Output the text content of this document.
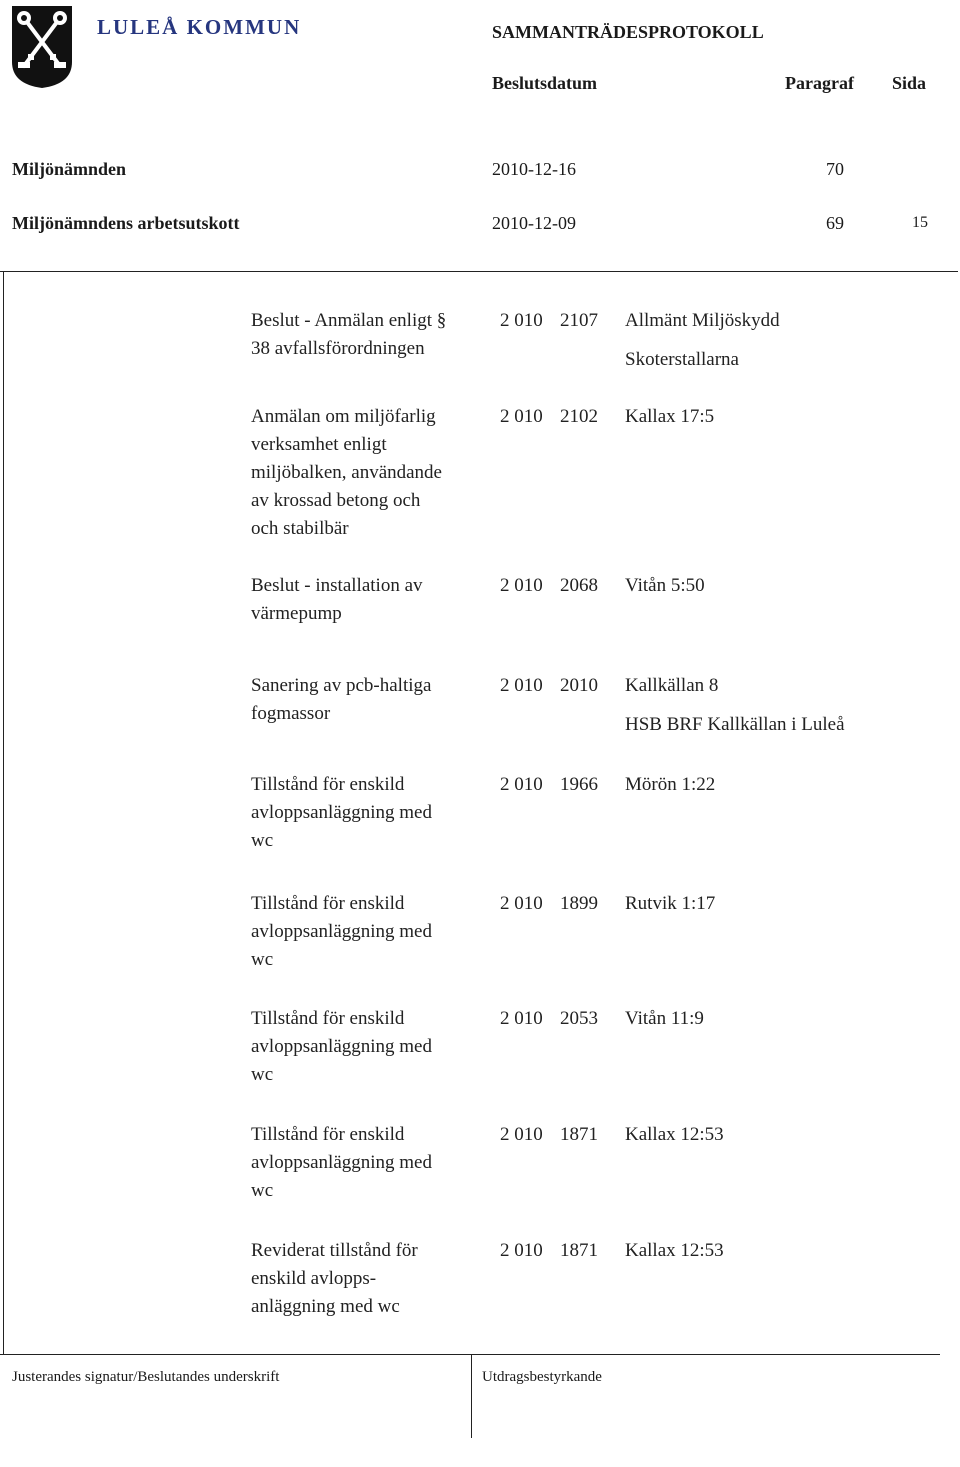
LULEÅ KOMMUN	SAMMANTRÄDESPROTOKOLL
Beslutsdatum	Paragraf Sida
Miljönämnden	2010-12-16	70
Miljönämndens arbetsutskott	2010-12-09	69	15
Beslut - Anmälan enligt §
38 avfallsförordningen
2 010 2107 Allmänt Miljöskydd
Skoterstallarna
Anmälan om miljöfarlig
verksamhet enligt
miljöbalken, användande
av krossad betong och
och stabilbär
2 010 2102 Kallax 17:5
Beslut - installation av
värmepump
2 010 2068 Vitån 5:50
Sanering av pcb-haltiga
fogmassor
2 010 2010 Kallkällan 8
HSB BRF Kallkällan i Luleå
Tillstånd för enskild
avloppsanläggning med
wc
2 010 1966 Mörön 1:22
Tillstånd för enskild
avloppsanläggning med
wc
2 010 1899 Rutvik 1:17
Tillstånd för enskild
avloppsanläggning med
wc
2 010 2053 Vitån 11:9
Tillstånd för enskild
avloppsanläggning med
wc
2 010 1871 Kallax 12:53
Reviderat tillstånd för
enskild avlopps-
anläggning med wc
2 010 1871 Kallax 12:53
Justerandes signatur/Beslutandes underskrift	Utdragsbestyrkande
